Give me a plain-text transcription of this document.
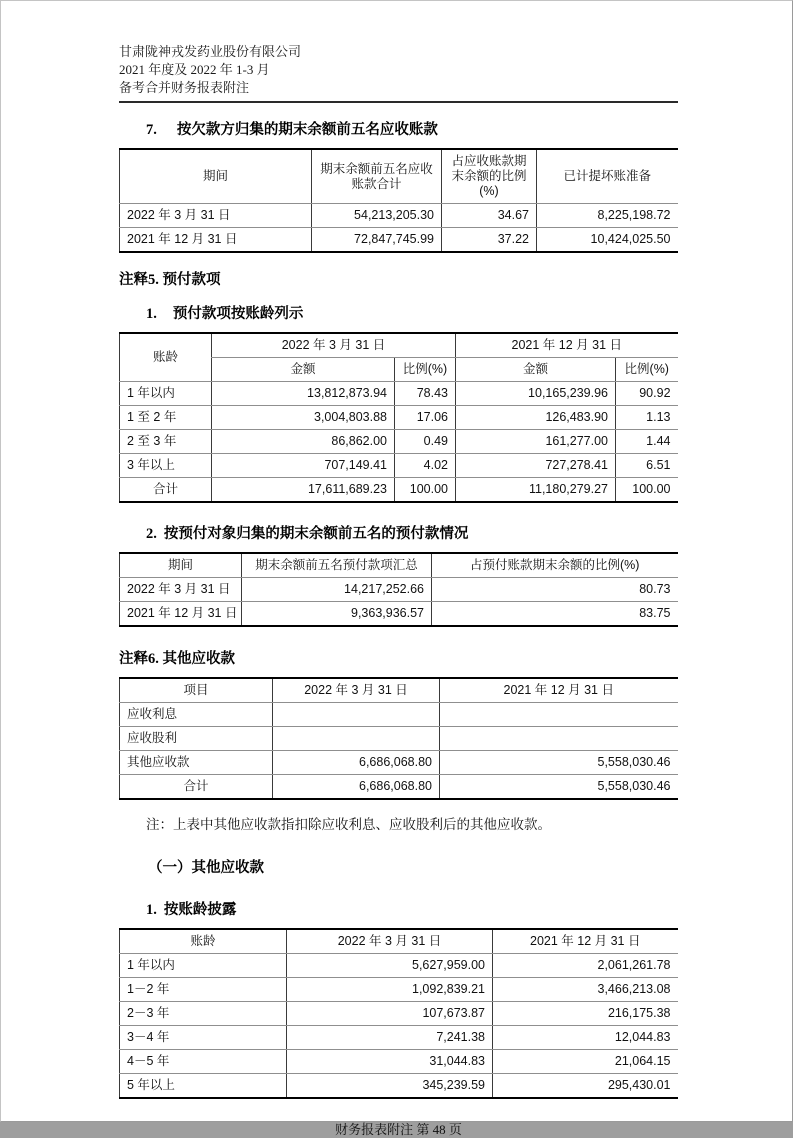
甘肃陇神戎发药业股份有限公司
2021 年度及 2022 年 1-3 月
备考合并财务报表附注
7. 按欠款方归集的期末余额前五名应收账款
期间	期末余额前五名应收账款合计	占应收账款期末余额的比例(%)	已计提坏账准备
2022 年 3 月 31 日	54,213,205.30	34.67	8,225,198.72
2021 年 12 月 31 日	72,847,745.99	37.22	10,424,025.50
注释5. 预付款项
1. 预付款项按账龄列示
账龄	2022 年 3 月 31 日		2021 年 12 月 31 日	
	金额	比例(%)	金额	比例(%)
1 年以内	13,812,873.94	78.43	10,165,239.96	90.92
1 至 2 年	3,004,803.88	17.06	126,483.90	1.13
2 至 3 年	86,862.00	0.49	161,277.00	1.44
3 年以上	707,149.41	4.02	727,278.41	6.51
合计	17,611,689.23	100.00	11,180,279.27	100.00
2. 按预付对象归集的期末余额前五名的预付款情况
期间	期末余额前五名预付款项汇总	占预付账款期末余额的比例(%)
2022 年 3 月 31 日	14,217,252.66	80.73
2021 年 12 月 31 日	9,363,936.57	83.75
注释6. 其他应收款
项目	2022 年 3 月 31 日	2021 年 12 月 31 日
应收利息		
应收股利		
其他应收款	6,686,068.80	5,558,030.46
合计	6,686,068.80	5,558,030.46
注：上表中其他应收款指扣除应收利息、应收股利后的其他应收款。
（一）其他应收款
1. 按账龄披露
账龄	2022 年 3 月 31 日	2021 年 12 月 31 日
1 年以内	5,627,959.00	2,061,261.78
1－2 年	1,092,839.21	3,466,213.08
2－3 年	107,673.87	216,175.38
3－4 年	7,241.38	12,044.83
4－5 年	31,044.83	21,064.15
5 年以上	345,239.59	295,430.01
财务报表附注 第 48 页
